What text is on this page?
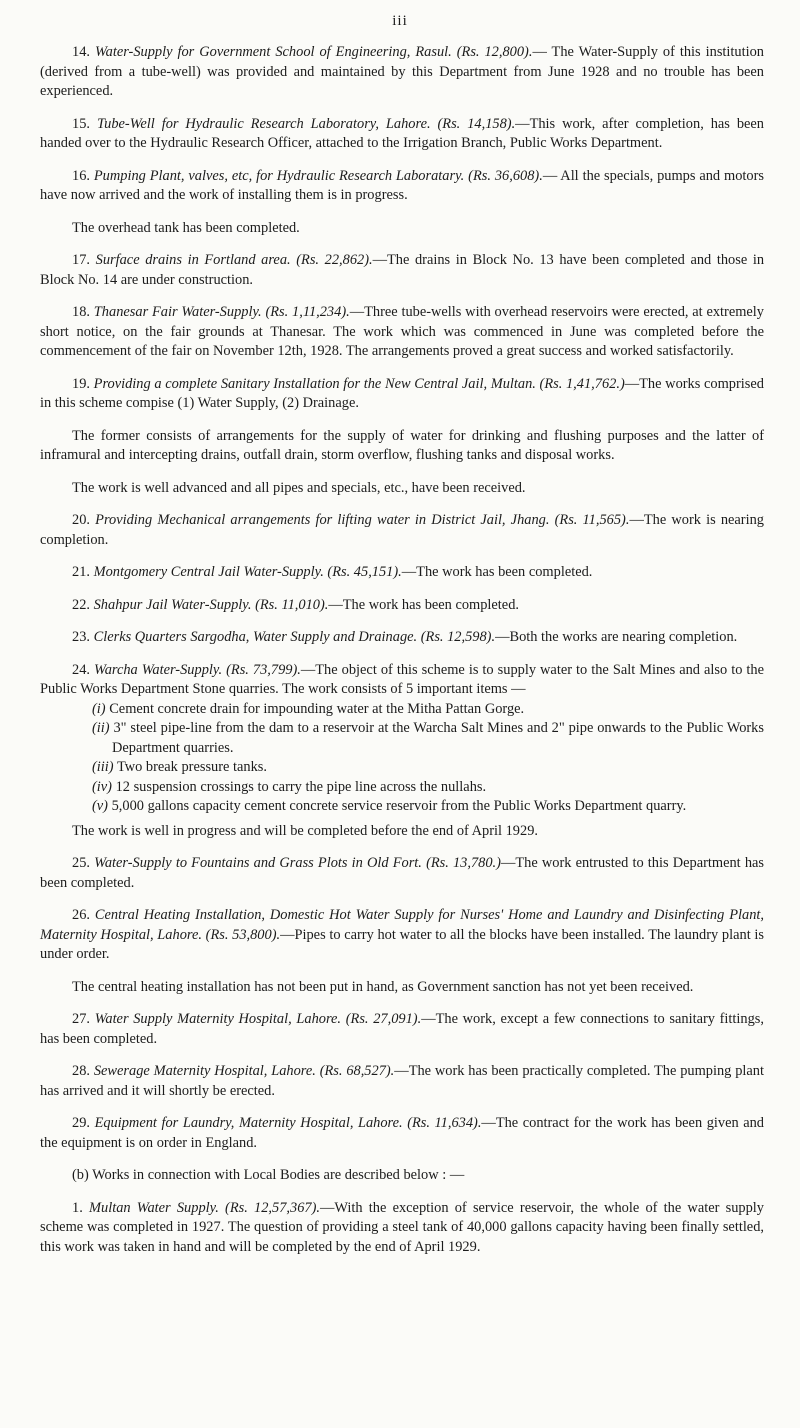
iii

14. Water-Supply for Government School of Engineering, Rasul. (Rs. 12,800).— The Water-Supply of this institution (derived from a tube-well) was provided and maintained by this Department from June 1928 and no trouble has been experienced.

15. Tube-Well for Hydraulic Research Laboratory, Lahore. (Rs. 14,158).—This work, after completion, has been handed over to the Hydraulic Research Officer, attached to the Irrigation Branch, Public Works Department.

16. Pumping Plant, valves, etc, for Hydraulic Research Laboratary. (Rs. 36,608).— All the specials, pumps and motors have now arrived and the work of installing them is in progress.

The overhead tank has been completed.

17. Surface drains in Fortland area. (Rs. 22,862).—The drains in Block No. 13 have been completed and those in Block No. 14 are under construction.

18. Thanesar Fair Water-Supply. (Rs. 1,11,234).—Three tube-wells with overhead reservoirs were erected, at extremely short notice, on the fair grounds at Thanesar. The work which was commenced in June was completed before the commencement of the fair on November 12th, 1928. The arrangements proved a great success and worked satisfactorily.

19. Providing a complete Sanitary Installation for the New Central Jail, Multan. (Rs. 1,41,762.)—The works comprised in this scheme compise (1) Water Supply, (2) Drainage.

The former consists of arrangements for the supply of water for drinking and flushing purposes and the latter of inframural and intercepting drains, outfall drain, storm overflow, flushing tanks and disposal works.

The work is well advanced and all pipes and specials, etc., have been received.

20. Providing Mechanical arrangements for lifting water in District Jail, Jhang. (Rs. 11,565).—The work is nearing completion.

21. Montgomery Central Jail Water-Supply. (Rs. 45,151).—The work has been completed.

22. Shahpur Jail Water-Supply. (Rs. 11,010).—The work has been completed.

23. Clerks Quarters Sargodha, Water Supply and Drainage. (Rs. 12,598).—Both the works are nearing completion.

24. Warcha Water-Supply. (Rs. 73,799).—The object of this scheme is to supply water to the Salt Mines and also to the Public Works Department Stone quarries. The work consists of 5 important items —

(i) Cement concrete drain for impounding water at the Mitha Pattan Gorge.

(ii) 3" steel pipe-line from the dam to a reservoir at the Warcha Salt Mines and 2" pipe onwards to the Public Works Department quarries.

(iii) Two break pressure tanks.

(iv) 12 suspension crossings to carry the pipe line across the nullahs.

(v) 5,000 gallons capacity cement concrete service reservoir from the Public Works Department quarry.

The work is well in progress and will be completed before the end of April 1929.

25. Water-Supply to Fountains and Grass Plots in Old Fort. (Rs. 13,780.)—The work entrusted to this Department has been completed.

26. Central Heating Installation, Domestic Hot Water Supply for Nurses' Home and Laundry and Disinfecting Plant, Maternity Hospital, Lahore. (Rs. 53,800).—Pipes to carry hot water to all the blocks have been installed. The laundry plant is under order.

The central heating installation has not been put in hand, as Government sanction has not yet been received.

27. Water Supply Maternity Hospital, Lahore. (Rs. 27,091).—The work, except a few connections to sanitary fittings, has been completed.

28. Sewerage Maternity Hospital, Lahore. (Rs. 68,527).—The work has been practically completed. The pumping plant has arrived and it will shortly be erected.

29. Equipment for Laundry, Maternity Hospital, Lahore. (Rs. 11,634).—The contract for the work has been given and the equipment is on order in England.

(b) Works in connection with Local Bodies are described below : —

1. Multan Water Supply. (Rs. 12,57,367).—With the exception of service reservoir, the whole of the water supply scheme was completed in 1927. The question of providing a steel tank of 40,000 gallons capacity having been finally settled, this work was taken in hand and will be completed by the end of April 1929.
